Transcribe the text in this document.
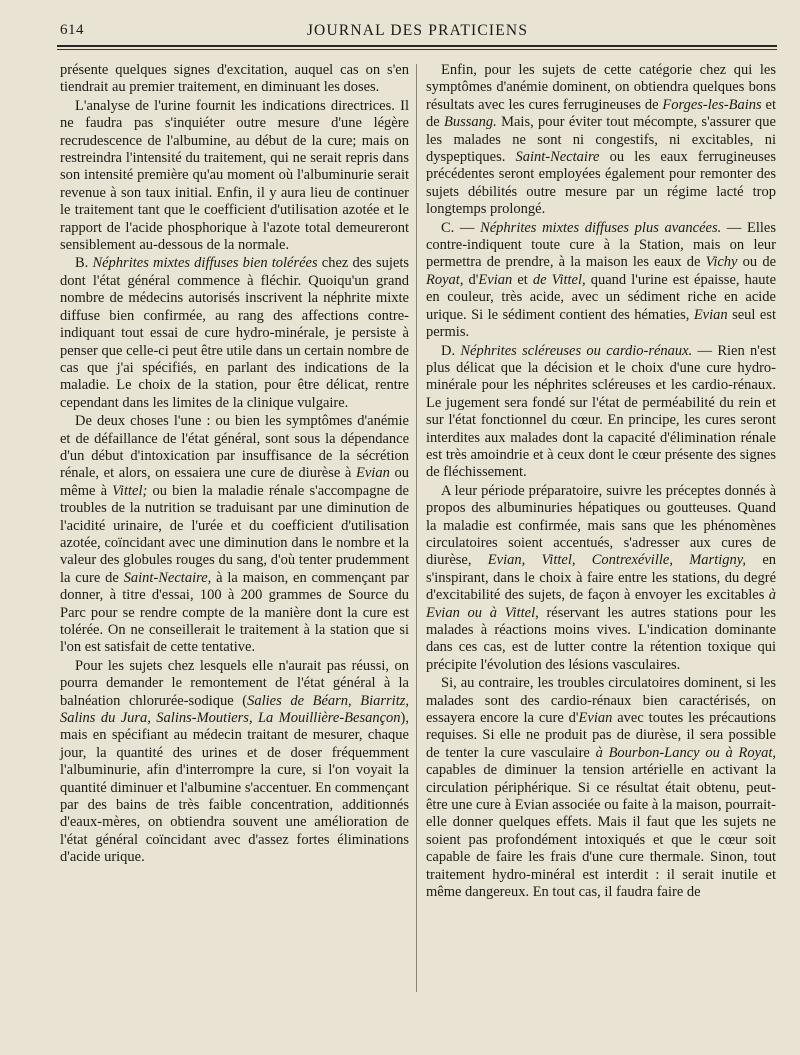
614	JOURNAL DES PRATICIENS

présente quelques signes d'excitation, auquel cas on s'en tiendrait au premier traitement, en diminuant les doses.

L'analyse de l'urine fournit les indications directrices. Il ne faudra pas s'inquiéter outre mesure d'une légère recrudescence de l'albumine, au début de la cure; mais on restreindra l'intensité du traitement, qui ne serait repris dans son intensité première qu'au moment où l'albuminurie serait revenue à son taux initial. Enfin, il y aura lieu de continuer le traitement tant que le coefficient d'utilisation azotée et le rapport de l'acide phosphorique à l'azote total demeureront sensiblement au-dessous de la normale.

B. Néphrites mixtes diffuses bien tolérées chez des sujets dont l'état général commence à fléchir. Quoiqu'un grand nombre de médecins autorisés inscrivent la néphrite mixte diffuse bien confirmée, au rang des affections contre-indiquant tout essai de cure hydro-minérale, je persiste à penser que celle-ci peut être utile dans un certain nombre de cas que j'ai spécifiés, en parlant des indications de la maladie. Le choix de la station, pour être délicat, rentre cependant dans les limites de la clinique vulgaire.

De deux choses l'une : ou bien les symptômes d'anémie et de défaillance de l'état général, sont sous la dépendance d'un début d'intoxication par insuffisance de la sécrétion rénale, et alors, on essaiera une cure de diurèse à Evian ou même à Vittel; ou bien la maladie rénale s'accompagne de troubles de la nutrition se traduisant par une diminution de l'acidité urinaire, de l'urée et du coefficient d'utilisation azotée, coïncidant avec une diminution dans le nombre et la valeur des globules rouges du sang, d'où tenter prudemment la cure de Saint-Nectaire, à la maison, en commençant par donner, à titre d'essai, 100 à 200 grammes de Source du Parc pour se rendre compte de la manière dont la cure est tolérée. On ne conseillerait le traitement à la station que si l'on est satisfait de cette tentative.

Pour les sujets chez lesquels elle n'aurait pas réussi, on pourra demander le remontement de l'état général à la balnéation chlorurée-sodique (Salies de Béarn, Biarritz, Salins du Jura, Salins-Moutiers, La Mouillière-Besançon), mais en spécifiant au médecin traitant de mesurer, chaque jour, la quantité des urines et de doser fréquemment l'albuminurie, afin d'interrompre la cure, si l'on voyait la quantité diminuer et l'albumine s'accentuer. En commençant par des bains de très faible concentration, additionnés d'eaux-mères, on obtiendra souvent une amélioration de l'état général coïncidant avec d'assez fortes éliminations d'acide urique.

Enfin, pour les sujets de cette catégorie chez qui les symptômes d'anémie dominent, on obtiendra quelques bons résultats avec les cures ferrugineuses de Forges-les-Bains et de Bussang. Mais, pour éviter tout mécompte, s'assurer que les malades ne sont ni congestifs, ni excitables, ni dyspeptiques. Saint-Nectaire ou les eaux ferrugineuses précédentes seront employées également pour remonter des sujets débilités outre mesure par un régime lacté trop longtemps prolongé.

C. — Néphrites mixtes diffuses plus avancées. — Elles contre-indiquent toute cure à la Station, mais on leur permettra de prendre, à la maison les eaux de Vichy ou de Royat, d'Evian et de Vittel, quand l'urine est épaisse, haute en couleur, très acide, avec un sédiment riche en acide urique. Si le sédiment contient des hématies, Evian seul est permis.

D. Néphrites scléreuses ou cardio-rénaux. — Rien n'est plus délicat que la décision et le choix d'une cure hydro-minérale pour les néphrites scléreuses et les cardio-rénaux. Le jugement sera fondé sur l'état de perméabilité du rein et sur l'état fonctionnel du cœur. En principe, les cures seront interdites aux malades dont la capacité d'élimination rénale est très amoindrie et à ceux dont le cœur présente des signes de fléchissement.

A leur période préparatoire, suivre les préceptes donnés à propos des albuminuries hépatiques ou goutteuses. Quand la maladie est confirmée, mais sans que les phénomènes circulatoires soient accentués, s'adresser aux cures de diurèse, Evian, Vittel, Contrexéville, Martigny, en s'inspirant, dans le choix à faire entre les stations, du degré d'excitabilité des sujets, de façon à envoyer les excitables à Evian ou à Vittel, réservant les autres stations pour les malades à réactions moins vives. L'indication dominante dans ces cas, est de lutter contre la rétention toxique qui précipite l'évolution des lésions vasculaires.

Si, au contraire, les troubles circulatoires dominent, si les malades sont des cardio-rénaux bien caractérisés, on essayera encore la cure d'Evian avec toutes les précautions requises. Si elle ne produit pas de diurèse, il sera possible de tenter la cure vasculaire à Bourbon-Lancy ou à Royat, capables de diminuer la tension artérielle en activant la circulation périphérique. Si ce résultat était obtenu, peut-être une cure à Evian associée ou faite à la maison, pourrait-elle donner quelques effets. Mais il faut que les sujets ne soient pas profondément intoxiqués et que le cœur soit capable de faire les frais d'une cure thermale. Sinon, tout traitement hydro-minéral est interdit : il serait inutile et même dangereux. En tout cas, il faudra faire de
